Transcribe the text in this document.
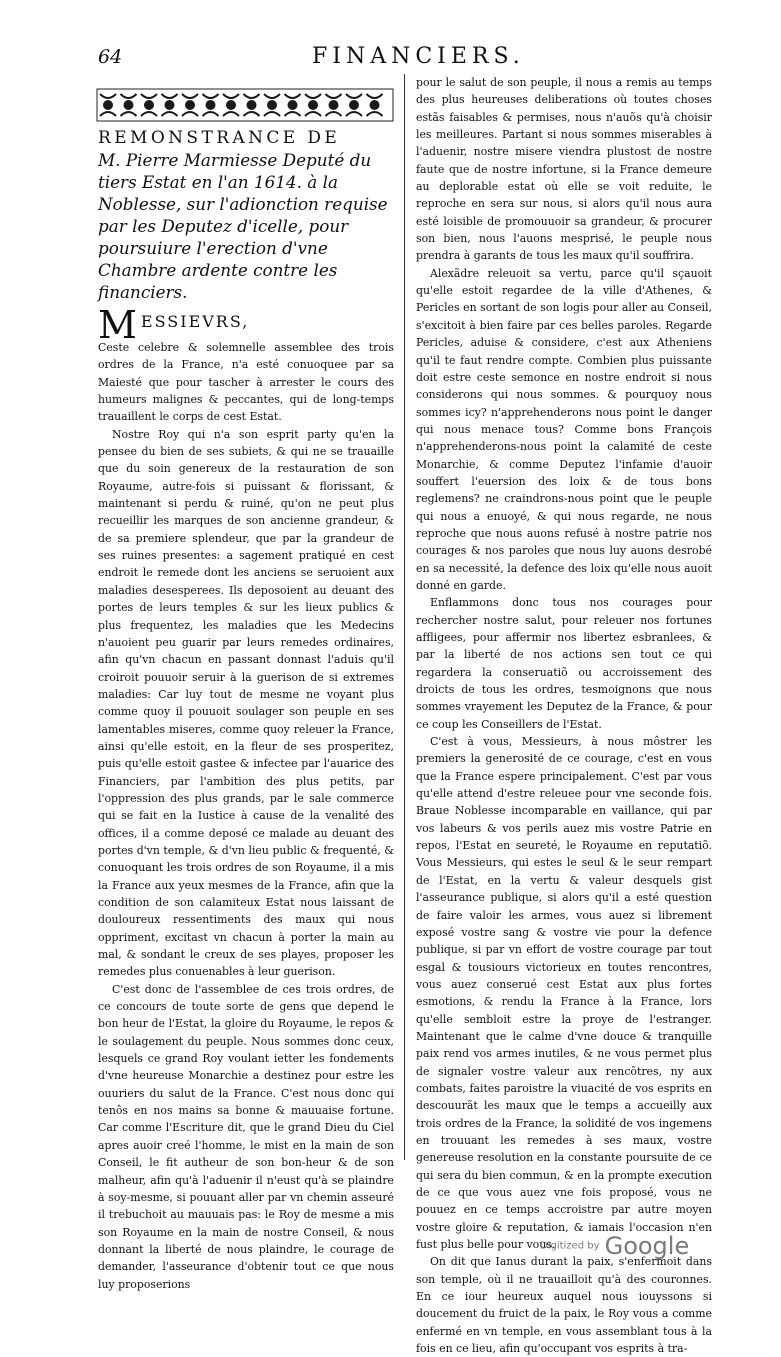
64	FINANCIERS.
REMONSTRANCE DE
M. Pierre Marmiesse Deputé du tiers Estat en l'an 1614. à la Noblesse, sur l'adionction requise par les Deputez d'icelle, pour poursuiure l'erection d'vne Chambre ardente contre les financiers.
MESSIEVRS,

Ceste celebre & solemnelle assemblee des trois ordres de la France, n'a esté conuoquee par sa Maiesté que pour tascher à arrester le cours des humeurs malignes & peccantes, qui de long-temps trauaillent le corps de cest Estat.

Nostre Roy qui n'a son esprit party qu'en la pensee du bien de ses subiets, & qui ne se trauaille que du soin genereux de la restauration de son Royaume, autre-fois si puissant & florissant, & maintenant si perdu & ruiné, qu'on ne peut plus recueillir les marques de son ancienne grandeur, & de sa premiere splendeur, que par la grandeur de ses ruines presentes: a sagement pratiqué en cest endroit le remede dont les anciens se seruoient aux maladies desesperees. Ils deposoient au deuant des portes de leurs temples & sur les lieux publics & plus frequentez, les maladies que les Medecins n'auoient peu guarir par leurs remedes ordinaires, afin qu'vn chacun en passant donnast l'aduis qu'il croiroit pouuoir seruir à la guerison de si extremes maladies: Car luy tout de mesme ne voyant plus comme quoy il pouuoit soulager son peuple en ses lamentables miseres, comme quoy releuer la France, ainsi qu'elle estoit, en la fleur de ses prosperitez, puis qu'elle estoit gastee & infectee par l'auarice des Financiers, par l'ambition des plus petits, par l'oppression des plus grands, par le sale commerce qui se fait en la Iustice à cause de la venalité des offices, il a comme deposé ce malade au deuant des portes d'vn temple, & d'vn lieu public & frequenté, & conuoquant les trois ordres de son Royaume, il a mis la France aux yeux mesmes de la France, afin que la condition de son calamiteux Estat nous laissant de douloureux ressentiments des maux qui nous oppriment, excitast vn chacun à porter la main au mal, & sondant le creux de ses playes, proposer les remedes plus conuenables à leur guerison.

C'est donc de l'assemblee de ces trois ordres, de ce concours de toute sorte de gens que depend le bon heur de l'Estat, la gloire du Royaume, le repos & le soulagement du peuple. Nous sommes donc ceux, lesquels ce grand Roy voulant ietter les fondements d'vne heureuse Monarchie a destinez pour estre les ouuriers du salut de la France. C'est nous donc qui tenôs en nos mains sa bonne & mauuaise fortune. Car comme l'Escriture dit, que le grand Dieu du Ciel apres auoir creé l'homme, le mist en la main de son Conseil, le fit autheur de son bon-heur & de son malheur, afin qu'à l'aduenir il n'eust qu'à se plaindre à soy-mesme, si pouuant aller par vn chemin asseuré il trebuchoit au mauuais pas: le Roy de mesme a mis son Royaume en la main de nostre Conseil, & nous donnant la liberté de nous plaindre, le courage de demander, l'asseurance d'obtenir tout ce que nous luy proposerions

pour le salut de son peuple, il nous a remis au temps des plus heureuses deliberations où toutes choses estãs faisables & permises, nous n'auõs qu'à choisir les meilleures. Partant si nous sommes miserables à l'aduenir, nostre misere viendra plustost de nostre faute que de nostre infortune, si la France demeure au deplorable estat où elle se voit reduite, le reproche en sera sur nous, si alors qu'il nous aura esté loisible de promouuoir sa grandeur, & procurer son bien, nous l'auons mesprisé, le peuple nous prendra à garants de tous les maux qu'il souffrira.

Alexãdre releuoit sa vertu, parce qu'il sçauoit qu'elle estoit regardee de la ville d'Athenes, & Pericles en sortant de son logis pour aller au Conseil, s'excitoit à bien faire par ces belles paroles. Regarde Pericles, aduise & considere, c'est aux Atheniens qu'il te faut rendre compte. Combien plus puissante doit estre ceste semonce en nostre endroit si nous considerons qui nous sommes. & pourquoy nous sommes icy? n'apprehenderons nous point le danger qui nous menace tous? Comme bons François n'apprehenderons-nous point la calamité de ceste Monarchie, & comme Deputez l'infamie d'auoir souffert l'euersion des loix & de tous bons reglemens? ne craindrons-nous point que le peuple qui nous a enuoyé, & qui nous regarde, ne nous reproche que nous auons refusé à nostre patrie nos courages & nos paroles que nous luy auons desrobé en sa necessité, la defence des loix qu'elle nous auoit donné en garde.

Enflammons donc tous nos courages pour rechercher nostre salut, pour releuer nos fortunes affligees, pour affermir nos libertez esbranlees, & par la liberté de nos actions sen tout ce qui regardera la conseruatiõ ou accroissement des droicts de tous les ordres, tesmoignons que nous sommes vrayement les Deputez de la France, & pour ce coup les Conseillers de l'Estat.

C'est à vous, Messieurs, à nous môstrer les premiers la generosité de ce courage, c'est en vous que la France espere principalement. C'est par vous qu'elle attend d'estre releuee pour vne seconde fois. Braue Noblesse incomparable en vaillance, qui par vos labeurs & vos perils auez mis vostre Patrie en repos, l'Estat en seureté, le Royaume en reputatiõ. Vous Messieurs, qui estes le seul & le seur rempart de l'Estat, en la vertu & valeur desquels gist l'asseurance publique, si alors qu'il a esté question de faire valoir les armes, vous auez si librement exposé vostre sang & vostre vie pour la defence publique, si par vn effort de vostre courage par tout esgal & tousiours victorieux en toutes rencontres, vous auez conserué cest Estat aux plus fortes esmotions, & rendu la France à la France, lors qu'elle sembloit estre la proye de l'estranger. Maintenant que le calme d'vne douce & tranquille paix rend vos armes inutiles, & ne vous permet plus de signaler vostre valeur aux rencõtres, ny aux combats, faites paroistre la viuacité de vos esprits en descouurãt les maux que le temps a accueilly aux trois ordres de la France, la solidité de vos ingemens en trouuant les remedes à ses maux, vostre genereuse resolution en la constante poursuite de ce qui sera du bien commun, & en la prompte execution de ce que vous auez vne fois proposé, vous ne pouuez en ce temps accroistre par autre moyen vostre gloire & reputation, & iamais l'occasion n'en fust plus belle pour vous.

On dit que Ianus durant la paix, s'enfermoit dans son temple, où il ne trauailloit qu'à des couronnes. En ce iour heureux auquel nous iouyssons si doucement du fruict de la paix, le Roy vous a comme enfermé en vn temple, en vous assemblant tous à la fois en ce lieu, afin qu'occupant vos esprits à tra-

Digitized by Google
